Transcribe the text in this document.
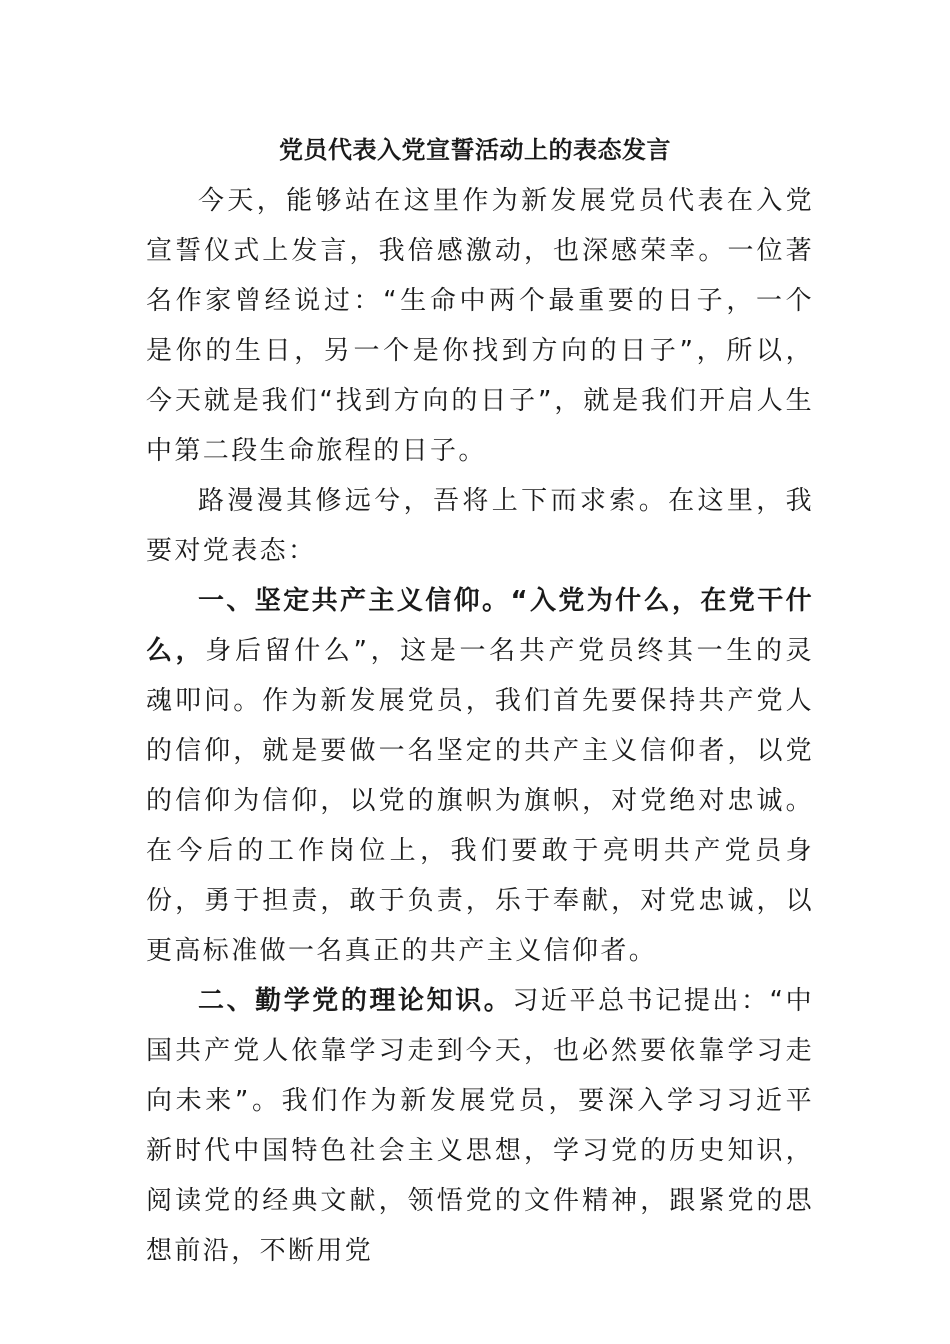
党员代表入党宣誓活动上的表态发言

今天，能够站在这里作为新发展党员代表在入党宣誓仪式上发言，我倍感激动，也深感荣幸。一位著名作家曾经说过：“生命中两个最重要的日子，一个是你的生日，另一个是你找到方向的日子”，所以，今天就是我们“找到方向的日子”，就是我们开启人生中第二段生命旅程的日子。

路漫漫其修远兮，吾将上下而求索。在这里，我要对党表态：

一、坚定共产主义信仰。“入党为什么，在党干什么，身后留什么”，这是一名共产党员终其一生的灵魂叩问。作为新发展党员，我们首先要保持共产党人的信仰，就是要做一名坚定的共产主义信仰者，以党的信仰为信仰，以党的旗帜为旗帜，对党绝对忠诚。在今后的工作岗位上，我们要敢于亮明共产党员身份，勇于担责，敢于负责，乐于奉献，对党忠诚，以更高标准做一名真正的共产主义信仰者。

二、勤学党的理论知识。习近平总书记提出：“中国共产党人依靠学习走到今天，也必然要依靠学习走向未来”。我们作为新发展党员，要深入学习习近平新时代中国特色社会主义思想，学习党的历史知识，阅读党的经典文献，领悟党的文件精神，跟紧党的思想前沿，不断用党
